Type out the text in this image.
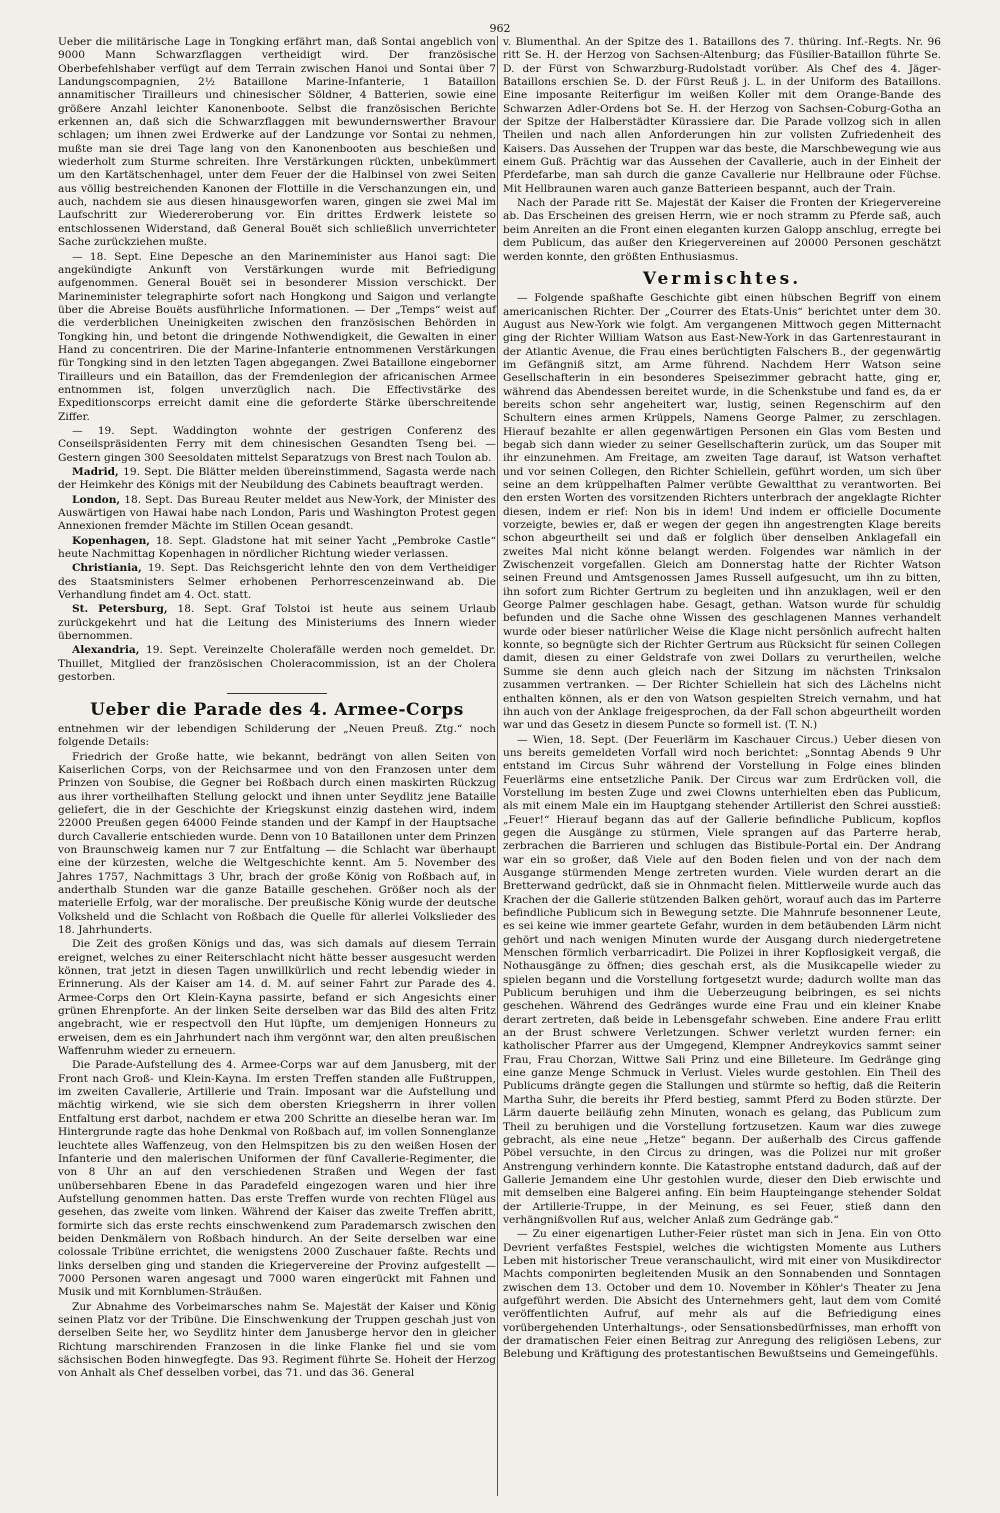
962

Ueber die militärische Lage in Tongking erfährt man, daß Sontai angeblich von 9000 Mann Schwarzflaggen vertheidigt wird. Der französische Oberbefehlshaber verfügt auf dem Terrain zwischen Hanoi und Sontai über 7 Landungscompagnien, 2½ Bataillone Marine-Infanterie, 1 Bataillon annamitischer Tirailleurs und chinesischer Söldner, 4 Batterien, sowie eine größere Anzahl leichter Kanonenboote. Selbst die französischen Berichte erkennen an, daß sich die Schwarzflaggen mit bewundernswerther Bravour schlagen; um ihnen zwei Erdwerke auf der Landzunge vor Sontai zu nehmen, mußte man sie drei Tage lang von den Kanonenbooten aus beschießen und wiederholt zum Sturme schreiten. Ihre Verstärkungen rückten, unbekümmert um den Kartätschenhagel, unter dem Feuer der die Halbinsel von zwei Seiten aus völlig bestreichenden Kanonen der Flottille in die Verschanzungen ein, und auch, nachdem sie aus diesen hinausgeworfen waren, gingen sie zwei Mal im Laufschritt zur Wiedereroberung vor. Ein drittes Erdwerk leistete so entschlossenen Widerstand, daß General Bouët sich schließlich unverrichteter Sache zurückziehen mußte.

— 18. Sept. Eine Depesche an den Marineminister aus Hanoi sagt: Die angekündigte Ankunft von Verstärkungen wurde mit Befriedigung aufgenommen. General Bouët sei in besonderer Mission verschickt. Der Marineminister telegraphirte sofort nach Hongkong und Saigon und verlangte über die Abreise Bouëts ausführliche Informationen. — Der „Temps“ weist auf die verderblichen Uneinigkeiten zwischen den französischen Behörden in Tongking hin, und betont die dringende Nothwendigkeit, die Gewalten in einer Hand zu concentriren. Die der Marine-Infanterie entnommenen Verstärkungen für Tongking sind in den letzten Tagen abgegangen. Zwei Bataillone eingeborner Tirailleurs und ein Bataillon, das der Fremdenlegion der africanischen Armee entnommen ist, folgen unverzüglich nach. Die Effectivstärke des Expeditionscorps erreicht damit eine die geforderte Stärke überschreitende Ziffer.

— 19. Sept. Waddington wohnte der gestrigen Conferenz des Conseilspräsidenten Ferry mit dem chinesischen Gesandten Tseng bei. — Gestern gingen 300 Seesoldaten mittelst Separatzugs von Brest nach Toulon ab.

Madrid, 19. Sept. Die Blätter melden übereinstimmend, Sagasta werde nach der Heimkehr des Königs mit der Neubildung des Cabinets beauftragt werden.

London, 18. Sept. Das Bureau Reuter meldet aus New-York, der Minister des Auswärtigen von Hawai habe nach London, Paris und Washington Protest gegen Annexionen fremder Mächte im Stillen Ocean gesandt.

Kopenhagen, 18. Sept. Gladstone hat mit seiner Yacht „Pembroke Castle“ heute Nachmittag Kopenhagen in nördlicher Richtung wieder verlassen.

Christiania, 19. Sept. Das Reichsgericht lehnte den von dem Vertheidiger des Staatsministers Selmer erhobenen Perhorrescenzeinwand ab. Die Verhandlung findet am 4. Oct. statt.

St. Petersburg, 18. Sept. Graf Tolstoi ist heute aus seinem Urlaub zurückgekehrt und hat die Leitung des Ministeriums des Innern wieder übernommen.

Alexandria, 19. Sept. Vereinzelte Cholerafälle werden noch gemeldet. Dr. Thuillet, Mitglied der französischen Choleracommission, ist an der Cholera gestorben.

Ueber die Parade des 4. Armee-Corps

entnehmen wir der lebendigen Schilderung der „Neuen Preuß. Ztg.“ noch folgende Details:

Friedrich der Große hatte, wie bekannt, bedrängt von allen Seiten von Kaiserlichen Corps, von der Reichsarmee und von den Franzosen unter dem Prinzen von Soubise, die Gegner bei Roßbach durch einen maskirten Rückzug aus ihrer vortheilhaften Stellung gelockt und ihnen unter Seydlitz jene Bataille geliefert, die in der Geschichte der Kriegskunst einzig dastehen wird, indem 22000 Preußen gegen 64000 Feinde standen und der Kampf in der Hauptsache durch Cavallerie entschieden wurde. Denn von 10 Bataillonen unter dem Prinzen von Braunschweig kamen nur 7 zur Entfaltung — die Schlacht war überhaupt eine der kürzesten, welche die Weltgeschichte kennt. Am 5. November des Jahres 1757, Nachmittags 3 Uhr, brach der große König von Roßbach auf, in anderthalb Stunden war die ganze Bataille geschehen. Größer noch als der materielle Erfolg, war der moralische. Der preußische König wurde der deutsche Volksheld und die Schlacht von Roßbach die Quelle für allerlei Volkslieder des 18. Jahrhunderts.

Die Zeit des großen Königs und das, was sich damals auf diesem Terrain ereignet, welches zu einer Reiterschlacht nicht hätte besser ausgesucht werden können, trat jetzt in diesen Tagen unwillkürlich und recht lebendig wieder in Erinnerung. Als der Kaiser am 14. d. M. auf seiner Fahrt zur Parade des 4. Armee-Corps den Ort Klein-Kayna passirte, befand er sich Angesichts einer grünen Ehrenpforte. An der linken Seite derselben war das Bild des alten Fritz angebracht, wie er respectvoll den Hut lüpfte, um demjenigen Honneurs zu erweisen, dem es ein Jahrhundert nach ihm vergönnt war, den alten preußischen Waffenruhm wieder zu erneuern.

Die Parade-Aufstellung des 4. Armee-Corps war auf dem Janusberg, mit der Front nach Groß- und Klein-Kayna. Im ersten Treffen standen alle Fußtruppen, im zweiten Cavallerie, Artillerie und Train. Imposant war die Aufstellung und mächtig wirkend, wie sie sich dem obersten Kriegsherrn in ihrer vollen Entfaltung erst darbot, nachdem er etwa 200 Schritte an dieselbe heran war. Im Hintergrunde ragte das hohe Denkmal von Roßbach auf, im vollen Sonnenglanze leuchtete alles Waffenzeug, von den Helmspitzen bis zu den weißen Hosen der Infanterie und den malerischen Uniformen der fünf Cavallerie-Regimenter, die von 8 Uhr an auf den verschiedenen Straßen und Wegen der fast unübersehbaren Ebene in das Paradefeld eingezogen waren und hier ihre Aufstellung genommen hatten. Das erste Treffen wurde von rechten Flügel aus gesehen, das zweite vom linken. Während der Kaiser das zweite Treffen abritt, formirte sich das erste rechts einschwenkend zum Parademarsch zwischen den beiden Denkmälern von Roßbach hindurch. An der Seite derselben war eine colossale Tribüne errichtet, die wenigstens 2000 Zuschauer faßte. Rechts und links derselben ging und standen die Kriegervereine der Provinz aufgestellt — 7000 Personen waren angesagt und 7000 waren eingerückt mit Fahnen und Musik und mit Kornblumen-Sträußen.

Zur Abnahme des Vorbeimarsches nahm Se. Majestät der Kaiser und König seinen Platz vor der Tribüne. Die Einschwenkung der Truppen geschah just von derselben Seite her, wo Seydlitz hinter dem Janusberge hervor den in gleicher Richtung marschirenden Franzosen in die linke Flanke fiel und sie vom sächsischen Boden hinwegfegte. Das 93. Regiment führte Se. Hoheit der Herzog von Anhalt als Chef desselben vorbei, das 71. und das 36. General

v. Blumenthal. An der Spitze des 1. Bataillons des 7. thüring. Inf.-Regts. Nr. 96 ritt Se. H. der Herzog von Sachsen-Altenburg; das Füsilier-Bataillon führte Se. D. der Fürst von Schwarzburg-Rudolstadt vorüber. Als Chef des 4. Jäger-Bataillons erschien Se. D. der Fürst Reuß j. L. in der Uniform des Bataillons. Eine imposante Reiterfigur im weißen Koller mit dem Orange-Bande des Schwarzen Adler-Ordens bot Se. H. der Herzog von Sachsen-Coburg-Gotha an der Spitze der Halberstädter Kürassiere dar. Die Parade vollzog sich in allen Theilen und nach allen Anforderungen hin zur vollsten Zufriedenheit des Kaisers. Das Aussehen der Truppen war das beste, die Marschbewegung wie aus einem Guß. Prächtig war das Aussehen der Cavallerie, auch in der Einheit der Pferdefarbe, man sah durch die ganze Cavallerie nur Hellbraune oder Füchse. Mit Hellbraunen waren auch ganze Batterieen bespannt, auch der Train.

Nach der Parade ritt Se. Majestät der Kaiser die Fronten der Kriegervereine ab. Das Erscheinen des greisen Herrn, wie er noch stramm zu Pferde saß, auch beim Anreiten an die Front einen eleganten kurzen Galopp anschlug, erregte bei dem Publicum, das außer den Kriegervereinen auf 20000 Personen geschätzt werden konnte, den größten Enthusiasmus.

Vermischtes.

— Folgende spaßhafte Geschichte gibt einen hübschen Begriff von einem americanischen Richter. Der „Courrer des Etats-Unis“ berichtet unter dem 30. August aus New-York wie folgt. Am vergangenen Mittwoch gegen Mitternacht ging der Richter William Watson aus East-New-York in das Gartenrestaurant in der Atlantic Avenue, die Frau eines berüchtigten Falschers B., der gegenwärtig im Gefängniß sitzt, am Arme führend. Nachdem Herr Watson seine Gesellschafterin in ein besonderes Speisezimmer gebracht hatte, ging er, während das Abendessen bereitet wurde, in die Schenkstube und fand es, da er bereits schon sehr angeheitert war, lustig, seinen Regenschirm auf den Schultern eines armen Krüppels, Namens George Palmer, zu zerschlagen. Hierauf bezahlte er allen gegenwärtigen Personen ein Glas vom Besten und begab sich dann wieder zu seiner Gesellschafterin zurück, um das Souper mit ihr einzunehmen. Am Freitage, am zweiten Tage darauf, ist Watson verhaftet und vor seinen Collegen, den Richter Schiellein, geführt worden, um sich über seine an dem krüppelhaften Palmer verübte Gewaltthat zu verantworten. Bei den ersten Worten des vorsitzenden Richters unterbrach der angeklagte Richter diesen, indem er rief: Non bis in idem! Und indem er officielle Documente vorzeigte, bewies er, daß er wegen der gegen ihn angestrengten Klage bereits schon abgeurtheilt sei und daß er folglich über denselben Anklagefall ein zweites Mal nicht könne belangt werden. Folgendes war nämlich in der Zwischenzeit vorgefallen. Gleich am Donnerstag hatte der Richter Watson seinen Freund und Amtsgenossen James Russell aufgesucht, um ihn zu bitten, ihn sofort zum Richter Gertrum zu begleiten und ihn anzuklagen, weil er den George Palmer geschlagen habe. Gesagt, gethan. Watson wurde für schuldig befunden und die Sache ohne Wissen des geschlagenen Mannes verhandelt wurde oder bieser natürlicher Weise die Klage nicht persönlich aufrecht halten konnte, so begnügte sich der Richter Gertrum aus Rücksicht für seinen Collegen damit, diesen zu einer Geldstrafe von zwei Dollars zu verurtheilen, welche Summe sie denn auch gleich nach der Sitzung im nächsten Trinksalon zusammen vertranken. — Der Richter Schiellein hat sich des Lächelns nicht enthalten können, als er den von Watson gespielten Streich vernahm, und hat ihn auch von der Anklage freigesprochen, da der Fall schon abgeurtheilt worden war und das Gesetz in diesem Puncte so formell ist. (T. N.)

— Wien, 18. Sept. (Der Feuerlärm im Kaschauer Circus.) Ueber diesen von uns bereits gemeldeten Vorfall wird noch berichtet: „Sonntag Abends 9 Uhr entstand im Circus Suhr während der Vorstellung in Folge eines blinden Feuerlärms eine entsetzliche Panik. Der Circus war zum Erdrücken voll, die Vorstellung im besten Zuge und zwei Clowns unterhielten eben das Publicum, als mit einem Male ein im Hauptgang stehender Artillerist den Schrei ausstieß: „Feuer!“ Hierauf begann das auf der Gallerie befindliche Publicum, kopflos gegen die Ausgänge zu stürmen, Viele sprangen auf das Parterre herab, zerbrachen die Barrieren und schlugen das Bistibule-Portal ein. Der Andrang war ein so großer, daß Viele auf den Boden fielen und von der nach dem Ausgange stürmenden Menge zertreten wurden. Viele wurden derart an die Bretterwand gedrückt, daß sie in Ohnmacht fielen. Mittlerweile wurde auch das Krachen der die Gallerie stützenden Balken gehört, worauf auch das im Parterre befindliche Publicum sich in Bewegung setzte. Die Mahnrufe besonnener Leute, es sei keine wie immer geartete Gefahr, wurden in dem betäubenden Lärm nicht gehört und nach wenigen Minuten wurde der Ausgang durch niedergetretene Menschen förmlich verbarricadirt. Die Polizei in ihrer Kopflosigkeit vergaß, die Nothausgänge zu öffnen; dies geschah erst, als die Musikcapelle wieder zu spielen begann und die Vorstellung fortgesetzt wurde; dadurch wollte man das Publicum beruhigen und ihm die Ueberzeugung beibringen, es sei nichts geschehen. Während des Gedränges wurde eine Frau und ein kleiner Knabe derart zertreten, daß beide in Lebensgefahr schweben. Eine andere Frau erlitt an der Brust schwere Verletzungen. Schwer verletzt wurden ferner: ein katholischer Pfarrer aus der Umgegend, Klempner Andreykovics sammt seiner Frau, Frau Chorzan, Wittwe Sali Prinz und eine Billeteure. Im Gedränge ging eine ganze Menge Schmuck in Verlust. Vieles wurde gestohlen. Ein Theil des Publicums drängte gegen die Stallungen und stürmte so heftig, daß die Reiterin Martha Suhr, die bereits ihr Pferd bestieg, sammt Pferd zu Boden stürzte. Der Lärm dauerte beiläufig zehn Minuten, wonach es gelang, das Publicum zum Theil zu beruhigen und die Vorstellung fortzusetzen. Kaum war dies zuwege gebracht, als eine neue „Hetze“ begann. Der außerhalb des Circus gaffende Pöbel versuchte, in den Circus zu dringen, was die Polizei nur mit großer Anstrengung verhindern konnte. Die Katastrophe entstand dadurch, daß auf der Gallerie Jemandem eine Uhr gestohlen wurde, dieser den Dieb erwischte und mit demselben eine Balgerei anfing. Ein beim Haupteingange stehender Soldat der Artillerie-Truppe, in der Meinung, es sei Feuer, stieß dann den verhängnißvollen Ruf aus, welcher Anlaß zum Gedränge gab.“

— Zu einer eigenartigen Luther-Feier rüstet man sich in Jena. Ein von Otto Devrient verfaßtes Festspiel, welches die wichtigsten Momente aus Luthers Leben mit historischer Treue veranschaulicht, wird mit einer von Musikdirector Machts componirten begleitenden Musik an den Sonnabenden und Sonntagen zwischen dem 13. October und dem 10. November in Köhler's Theater zu Jena aufgeführt werden. Die Absicht des Unternehmers geht, laut dem vom Comité veröffentlichten Aufruf, auf mehr als auf die Befriedigung eines vorübergehenden Unterhaltungs-, oder Sensationsbedürfnisses, man erhofft von der dramatischen Feier einen Beitrag zur Anregung des religiösen Lebens, zur Belebung und Kräftigung des protestantischen Bewußtseins und Gemeingefühls.
